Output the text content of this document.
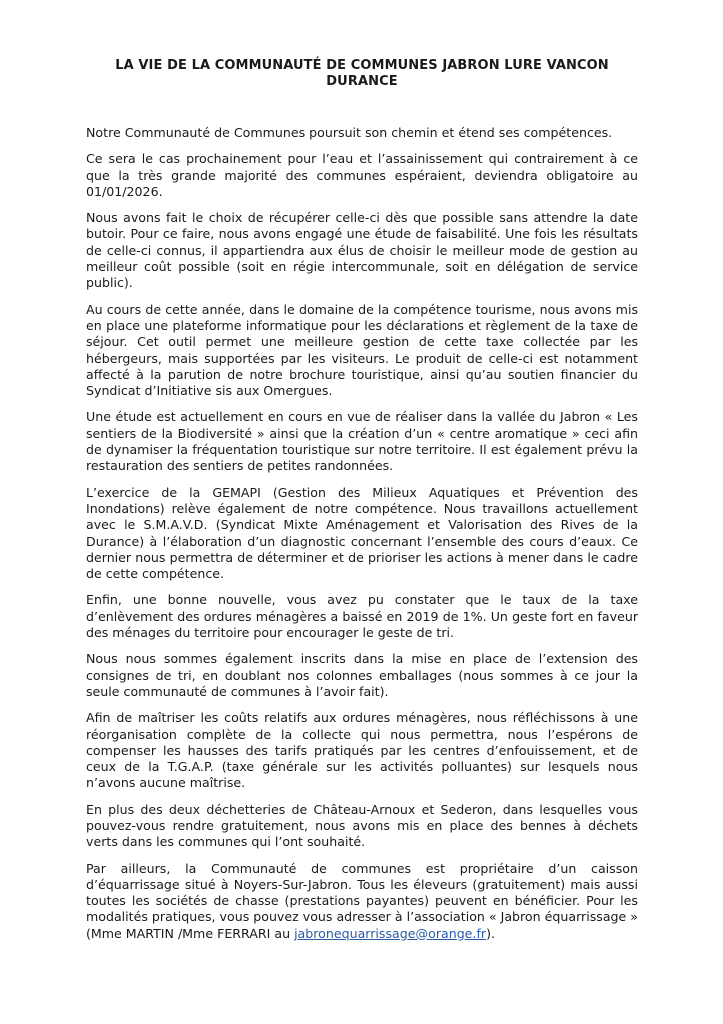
LA VIE DE LA COMMUNAUTÉ DE COMMUNES JABRON LURE VANCON DURANCE

Notre Communauté de Communes poursuit son chemin et étend ses compétences.

Ce sera le cas prochainement pour l’eau et l’assainissement qui contrairement à ce que la très grande majorité des communes espéraient, deviendra obligatoire au 01/01/2026.

Nous avons fait le choix de récupérer celle-ci dès que possible sans attendre la date butoir. Pour ce faire, nous avons engagé une étude de faisabilité. Une fois les résultats de celle-ci connus, il appartiendra aux élus de choisir le meilleur mode de gestion au meilleur coût possible (soit en régie intercommunale, soit en délégation de service public).

Au cours de cette année, dans le domaine de la compétence tourisme, nous avons mis en place une plateforme informatique pour les déclarations et règlement de la taxe de séjour. Cet outil permet une meilleure gestion de cette taxe collectée par les hébergeurs, mais supportées par les visiteurs. Le produit de celle-ci est notamment affecté à la parution de notre brochure touristique, ainsi qu’au soutien financier du Syndicat d’Initiative sis aux Omergues.

Une étude est actuellement en cours en vue de réaliser dans la vallée du Jabron « Les sentiers de la Biodiversité » ainsi que la création d’un « centre aromatique » ceci afin de dynamiser la fréquentation touristique sur notre territoire. Il est également prévu la restauration des sentiers de petites randonnées.

L’exercice de la GEMAPI (Gestion des Milieux Aquatiques et Prévention des Inondations) relève également de notre compétence. Nous travaillons actuellement avec le S.M.A.V.D. (Syndicat Mixte Aménagement et Valorisation des Rives de la Durance) à l’élaboration d’un diagnostic concernant l’ensemble des cours d’eaux. Ce dernier nous permettra de déterminer et de prioriser les actions à mener dans le cadre de cette compétence.

Enfin, une bonne nouvelle, vous avez pu constater que le taux de la taxe d’enlèvement des ordures ménagères a baissé en 2019 de 1%. Un geste fort en faveur des ménages du territoire pour encourager le geste de tri.

Nous nous sommes également inscrits dans la mise en place de l’extension des consignes de tri, en doublant nos colonnes emballages (nous sommes à ce jour la seule communauté de communes à l’avoir fait).

Afin de maîtriser les coûts relatifs aux ordures ménagères, nous réfléchissons à une réorganisation complète de la collecte qui nous permettra, nous l’espérons de compenser les hausses des tarifs pratiqués par les centres d’enfouissement, et de ceux de la T.G.A.P. (taxe générale sur les activités polluantes) sur lesquels nous n’avons aucune maîtrise.

En plus des deux déchetteries de Château-Arnoux et Sederon, dans lesquelles vous pouvez-vous rendre gratuitement, nous avons mis en place des bennes à déchets verts dans les communes qui l’ont souhaité.

Par ailleurs, la Communauté de communes est propriétaire d’un caisson d’équarrissage situé à Noyers-Sur-Jabron. Tous les éleveurs (gratuitement) mais aussi toutes les sociétés de chasse (prestations payantes) peuvent en bénéficier. Pour les modalités pratiques, vous pouvez vous adresser à l’association « Jabron équarrissage » (Mme MARTIN /Mme FERRARI au jabronequarrissage@orange.fr).
